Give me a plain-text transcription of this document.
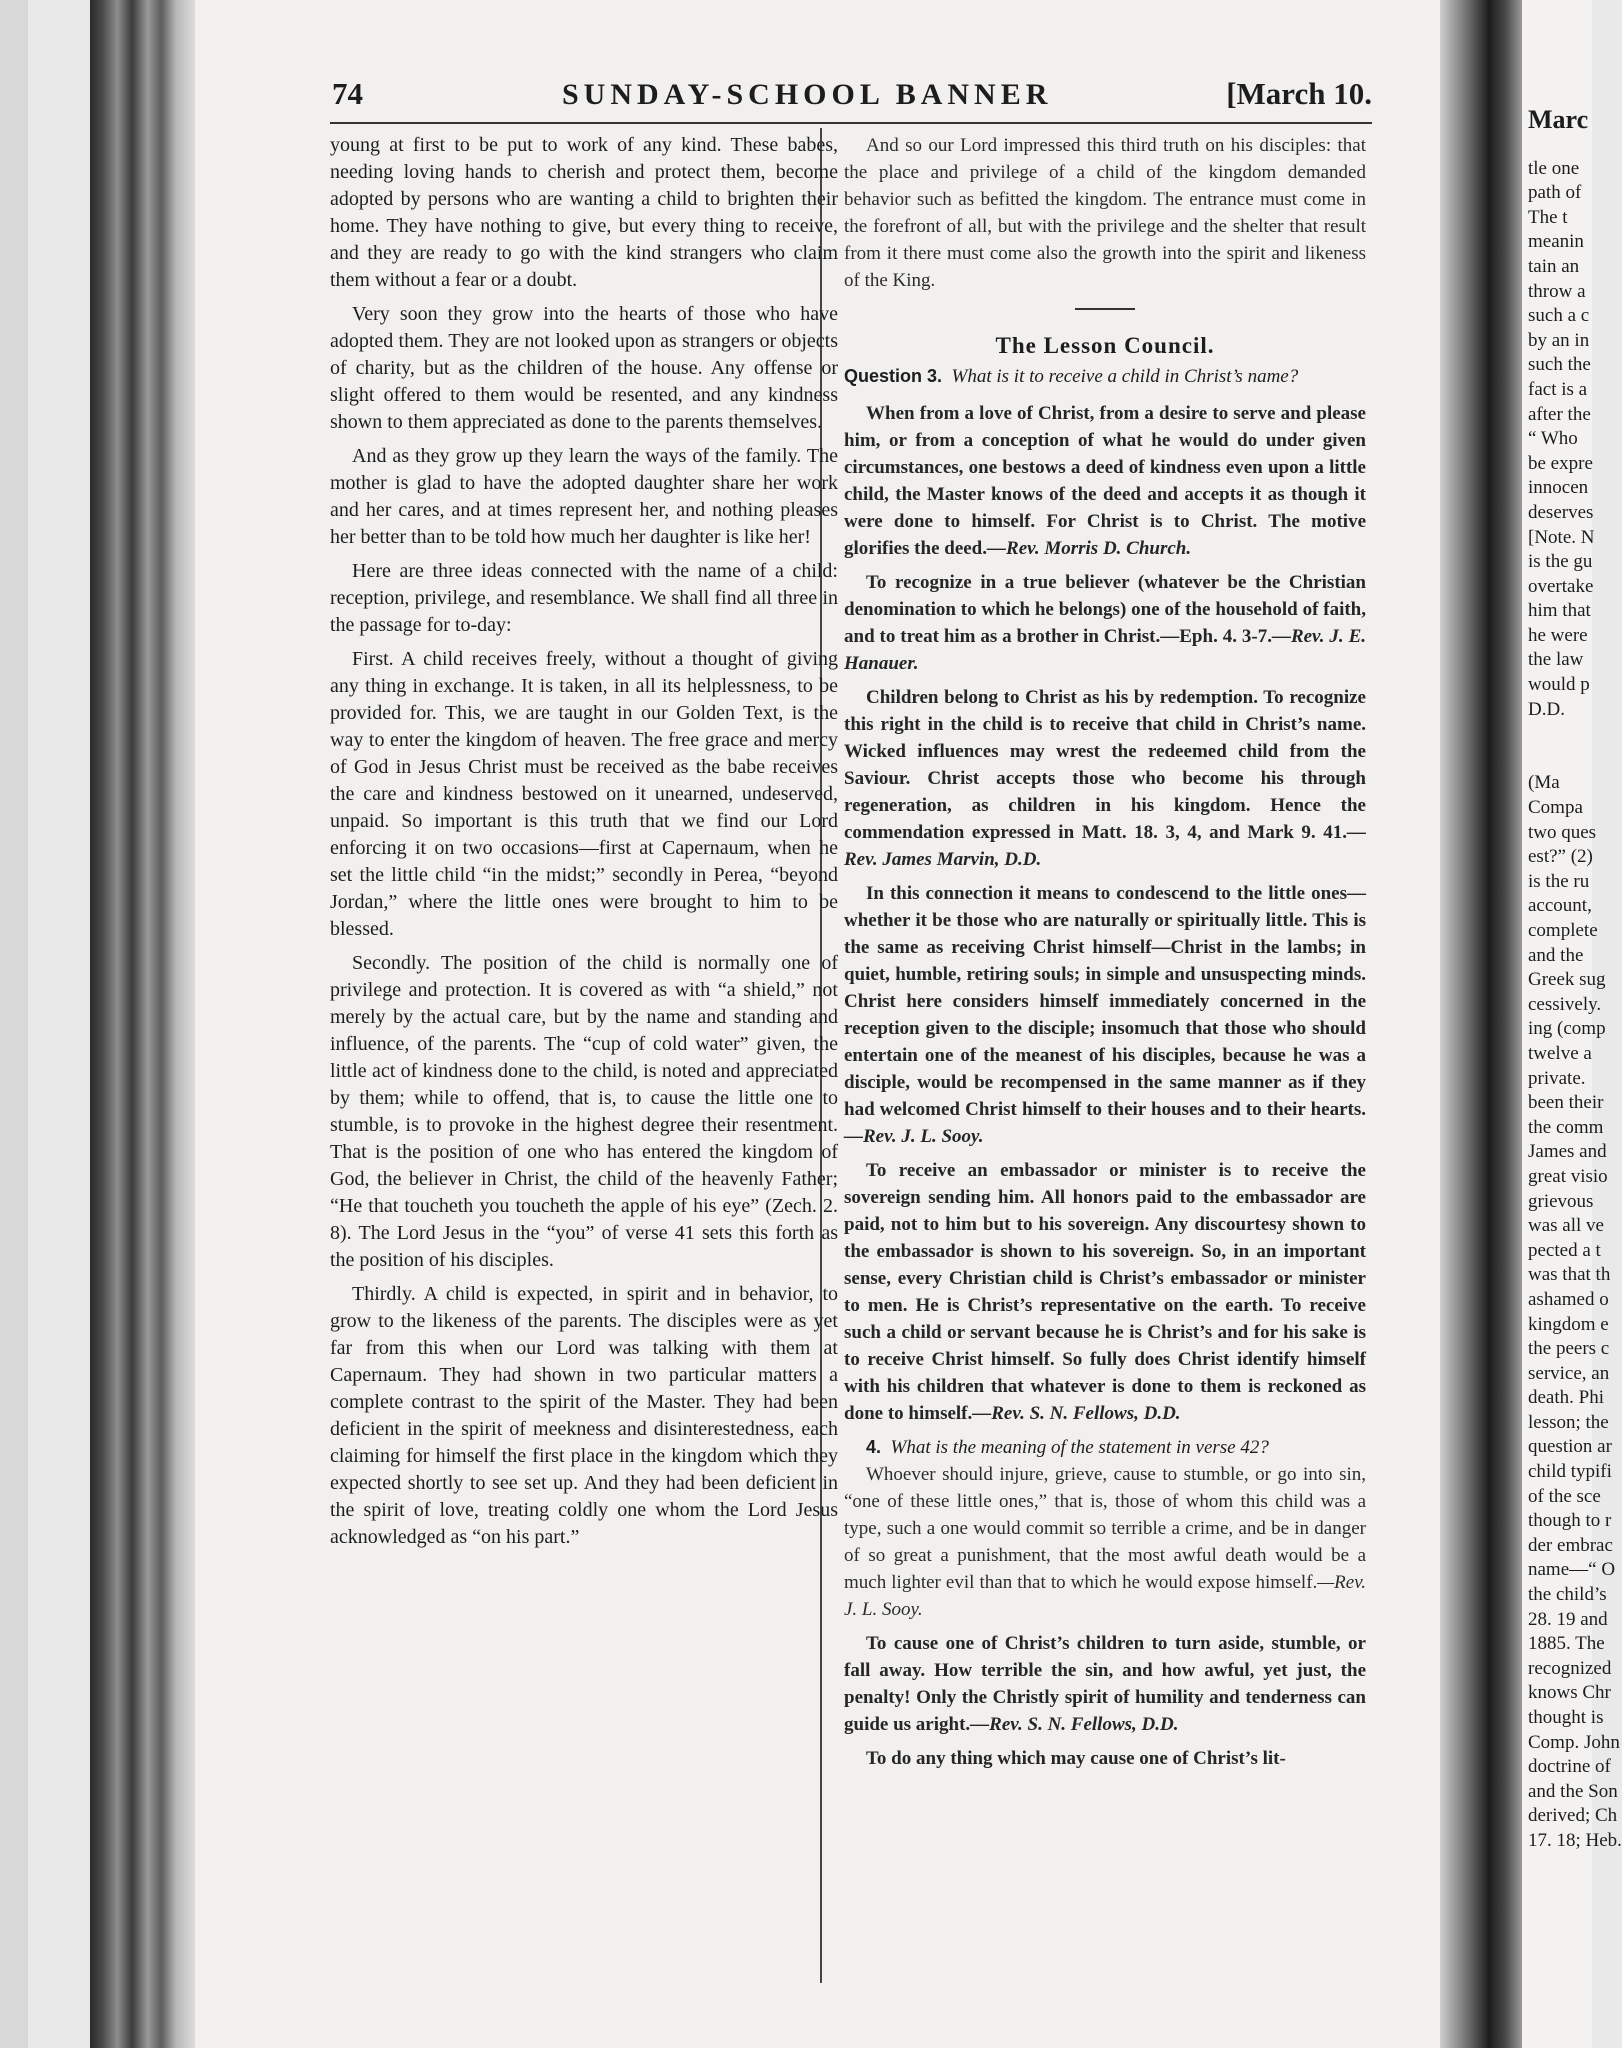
74	SUNDAY-SCHOOL BANNER	[March 10.

young at first to be put to work of any kind. These babes, needing loving hands to cherish and protect them, become adopted by persons who are wanting a child to brighten their home. They have nothing to give, but every thing to receive, and they are ready to go with the kind strangers who claim them without a fear or a doubt.

Very soon they grow into the hearts of those who have adopted them. They are not looked upon as strangers or objects of charity, but as the children of the house. Any offense or slight offered to them would be resented, and any kindness shown to them appreciated as done to the parents themselves.

And as they grow up they learn the ways of the family. The mother is glad to have the adopted daughter share her work and her cares, and at times represent her, and nothing pleases her better than to be told how much her daughter is like her!

Here are three ideas connected with the name of a child: reception, privilege, and resemblance. We shall find all three in the passage for to-day:

First. A child receives freely, without a thought of giving any thing in exchange. It is taken, in all its helplessness, to be provided for. This, we are taught in our Golden Text, is the way to enter the kingdom of heaven. The free grace and mercy of God in Jesus Christ must be received as the babe receives the care and kindness bestowed on it unearned, undeserved, unpaid. So important is this truth that we find our Lord enforcing it on two occasions—first at Capernaum, when he set the little child “in the midst;” secondly in Perea, “beyond Jordan,” where the little ones were brought to him to be blessed.

Secondly. The position of the child is normally one of privilege and protection. It is covered as with “a shield,” not merely by the actual care, but by the name and standing and influence, of the parents. The “cup of cold water” given, the little act of kindness done to the child, is noted and appreciated by them; while to offend, that is, to cause the little one to stumble, is to provoke in the highest degree their resentment. That is the position of one who has entered the kingdom of God, the believer in Christ, the child of the heavenly Father; “He that toucheth you toucheth the apple of his eye” (Zech. 2. 8). The Lord Jesus in the “you” of verse 41 sets this forth as the position of his disciples.

Thirdly. A child is expected, in spirit and in behavior, to grow to the likeness of the parents. The disciples were as yet far from this when our Lord was talking with them at Capernaum. They had shown in two particular matters a complete contrast to the spirit of the Master. They had been deficient in the spirit of meekness and disinterestedness, each claiming for himself the first place in the kingdom which they expected shortly to see set up. And they had been deficient in the spirit of love, treating coldly one whom the Lord Jesus acknowledged as “on his part.”

And so our Lord impressed this third truth on his disciples: that the place and privilege of a child of the kingdom demanded behavior such as befitted the kingdom. The entrance must come in the forefront of all, but with the privilege and the shelter that result from it there must come also the growth into the spirit and likeness of the King.

The Lesson Council.

Question 3. What is it to receive a child in Christ’s name?

When from a love of Christ, from a desire to serve and please him, or from a conception of what he would do under given circumstances, one bestows a deed of kindness even upon a little child, the Master knows of the deed and accepts it as though it were done to himself. For Christ is to Christ. The motive glorifies the deed.—Rev. Morris D. Church.

To recognize in a true believer (whatever be the Christian denomination to which he belongs) one of the household of faith, and to treat him as a brother in Christ.—Eph. 4. 3-7.—Rev. J. E. Hanauer.

Children belong to Christ as his by redemption. To recognize this right in the child is to receive that child in Christ’s name. Wicked influences may wrest the redeemed child from the Saviour. Christ accepts those who become his through regeneration, as children in his kingdom. Hence the commendation expressed in Matt. 18. 3, 4, and Mark 9. 41.—Rev. James Marvin, D.D.

In this connection it means to condescend to the little ones—whether it be those who are naturally or spiritually little. This is the same as receiving Christ himself—Christ in the lambs; in quiet, humble, retiring souls; in simple and unsuspecting minds. Christ here considers himself immediately concerned in the reception given to the disciple; insomuch that those who should entertain one of the meanest of his disciples, because he was a disciple, would be recompensed in the same manner as if they had welcomed Christ himself to their houses and to their hearts.—Rev. J. L. Sooy.

To receive an embassador or minister is to receive the sovereign sending him. All honors paid to the embassador are paid, not to him but to his sovereign. Any discourtesy shown to the embassador is shown to his sovereign. So, in an important sense, every Christian child is Christ’s embassador or minister to men. He is Christ’s representative on the earth. To receive such a child or servant because he is Christ’s and for his sake is to receive Christ himself. So fully does Christ identify himself with his children that whatever is done to them is reckoned as done to himself.—Rev. S. N. Fellows, D.D.

4. What is the meaning of the statement in verse 42?

Whoever should injure, grieve, cause to stumble, or go into sin, “one of these little ones,” that is, those of whom this child was a type, such a one would commit so terrible a crime, and be in danger of so great a punishment, that the most awful death would be a much lighter evil than that to which he would expose himself.—Rev. J. L. Sooy.

To cause one of Christ’s children to turn aside, stumble, or fall away. How terrible the sin, and how awful, yet just, the penalty! Only the Christly spirit of humility and tenderness can guide us aright.—Rev. S. N. Fellows, D.D.

To do any thing which may cause one of Christ’s lit-

Marc
tle one
path of
The t
meanin
tain an
throw a
such a c
by an in
such the
fact is a
after the
“ Who
be expre
innocen
deserves
[Note. N
is the gu
overtake
him that
he were
the law
would p
D.D.
(Ma
Compa
two ques
est?” (2)
is the ru
account,
complete
and the
Greek sug
cessively.
ing (comp
twelve a
private.
been their
the comm
James and
great visio
grievous
was all ve
pected a t
was that th
ashamed o
kingdom e
the peers c
service, an
death. Phi
lesson; the
question ar
child typifi
of the sce
though to r
der embrac
name—“ O
the child’s
28. 19 and
1885. The
recognized
knows Chr
thought is
Comp. John
doctrine of
and the Son
derived; Ch
17. 18; Heb.
